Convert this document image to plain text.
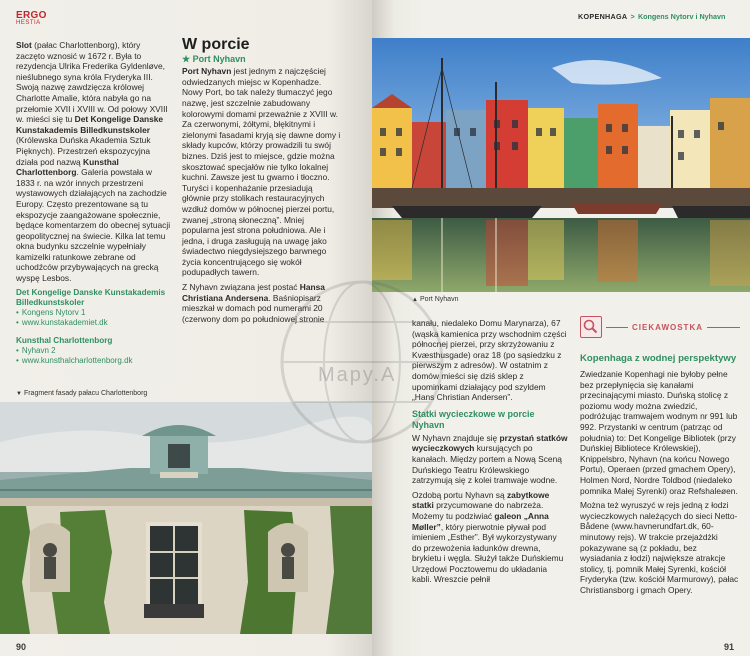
ERGO
HESTIA

Slot (pałac Charlottenborg), który zaczęto wznosić w 1672 r. Była to rezydencja Ulrika Frederika Gyldenløve, nieślubnego syna króla Fryderyka III. Swoją nazwę zawdzięcza królowej Charlotte Amalie, która nabyła go na przełomie XVII i XVIII w. Od połowy XVIII w. mieści się tu Det Kongelige Danske Kunstakademis Billedkunstskoler (Królewska Duńska Akademia Sztuk Pięknych). Przestrzeń ekspozycyjna działa pod nazwą Kunsthal Charlottenborg. Galeria powstała w 1833 r. na wzór innych przestrzeni wystawowych działających na zachodzie Europy. Często prezentowane są tu ekspozycje zaangażowane społecznie, będące komentarzem do obecnej sytuacji geopolitycznej na świecie. Kilka lat temu okna budynku szczelnie wypełniały kamizelki ratunkowe zebrane od uchodźców przybywających na grecką wyspę Lesbos.

Det Kongelige Danske Kunstakademis Billedkunstskoler
• Kongens Nytorv 1
• www.kunstakademiet.dk
Kunsthal Charlottenborg
• Nyhavn 2
• www.kunsthalcharlottenborg.dk
W porcie
★ Port Nyhavn

Port Nyhavn jest jednym z najczęściej odwiedzanych miejsc w Kopenhadze. Nowy Port, bo tak należy tłumaczyć jego nazwę, jest szczelnie zabudowany kolorowymi domami przeważnie z XVIII w. Za czerwonymi, żółtymi, błękitnymi i zielonymi fasadami kryją się dawne domy i składy kupców, którzy prowadzili tu swój biznes. Dziś jest to miejsce, gdzie można skosztować specjałów nie tylko lokalnej kuchni. Zawsze jest tu gwarno i tłoczno. Turyści i kopenhażanie przesiadują głównie przy stolikach restauracyjnych wzdłuż domów w północnej pierzei portu, zwanej „stroną słoneczną”. Mniej popularna jest strona południowa. Ale i jedna, i druga zasługują na uwagę jako świadectwo niegdysiejszego barwnego życia koncentrującego się wokół podupadłych tawern.

Z Nyhavn związana jest postać Hansa Christiana Andersena. Baśniopisarz mieszkał w domach pod numerami 20 (czerwony dom po południowej stronie

▼ Fragment fasady pałacu Charlottenborg
90
KOPENHAGA > Kongens Nytorv i Nyhavn
▲ Port Nyhavn

kanału, niedaleko Domu Marynarza), 67 (wąska kamienica przy wschodnim części północnej pierzei, przy skrzyżowaniu z Kvæsthusgade) oraz 18 (po sąsiedzku z pierwszym z adresów). W ostatnim z domów mieści się dziś sklep z upominkami działający pod szyldem „Hans Christian Andersen”.

Statki wycieczkowe w porcie Nyhavn

W Nyhavn znajduje się przystań statków wycieczkowych kursujących po kanałach. Między portem a Nową Sceną Duńskiego Teatru Królewskiego zatrzymują się z kolei tramwaje wodne.

Ozdobą portu Nyhavn są zabytkowe statki przycumowane do nabrzeża. Możemy tu podziwiać galeon „Anna Møller”, który pierwotnie pływał pod imieniem „Esther”. Był wykorzystywany do przewożenia ładunków drewna, brykietu i węgla. Służył także Duńskiemu Urzędowi Pocztowemu do układania kabli. Wreszcie pełnił

CIEKAWOSTKA
Kopenhaga z wodnej perspektywy

Zwiedzanie Kopenhagi nie byłoby pełne bez przepłynięcia się kanałami przecinającymi miasto. Duńską stolicę z poziomu wody można zwiedzić, podróżując tramwajem wodnym nr 991 lub 992. Przystanki w centrum (patrząc od południa) to: Det Kongelige Bibliotek (przy Duńskiej Bibliotece Królewskiej), Knippelsbro, Nyhavn (na końcu Nowego Portu), Operaen (przed gmachem Opery), Holmen Nord, Nordre Toldbod (niedaleko pomnika Małej Syrenki) oraz Refshaleøen.

Można też wyruszyć w rejs jedną z łodzi wycieczkowych należących do sieci Netto-Bådene (www.havnerundfart.dk, 60-minutowy rejs). W trakcie przejażdżki pokazywane są (z pokładu, bez wysiadania z łodzi) największe atrakcje stolicy, tj. pomnik Małej Syrenki, kościół Fryderyka (tzw. kościół Marmurowy), pałac Christiansborg i gmach Opery.

91
Mapy.A
